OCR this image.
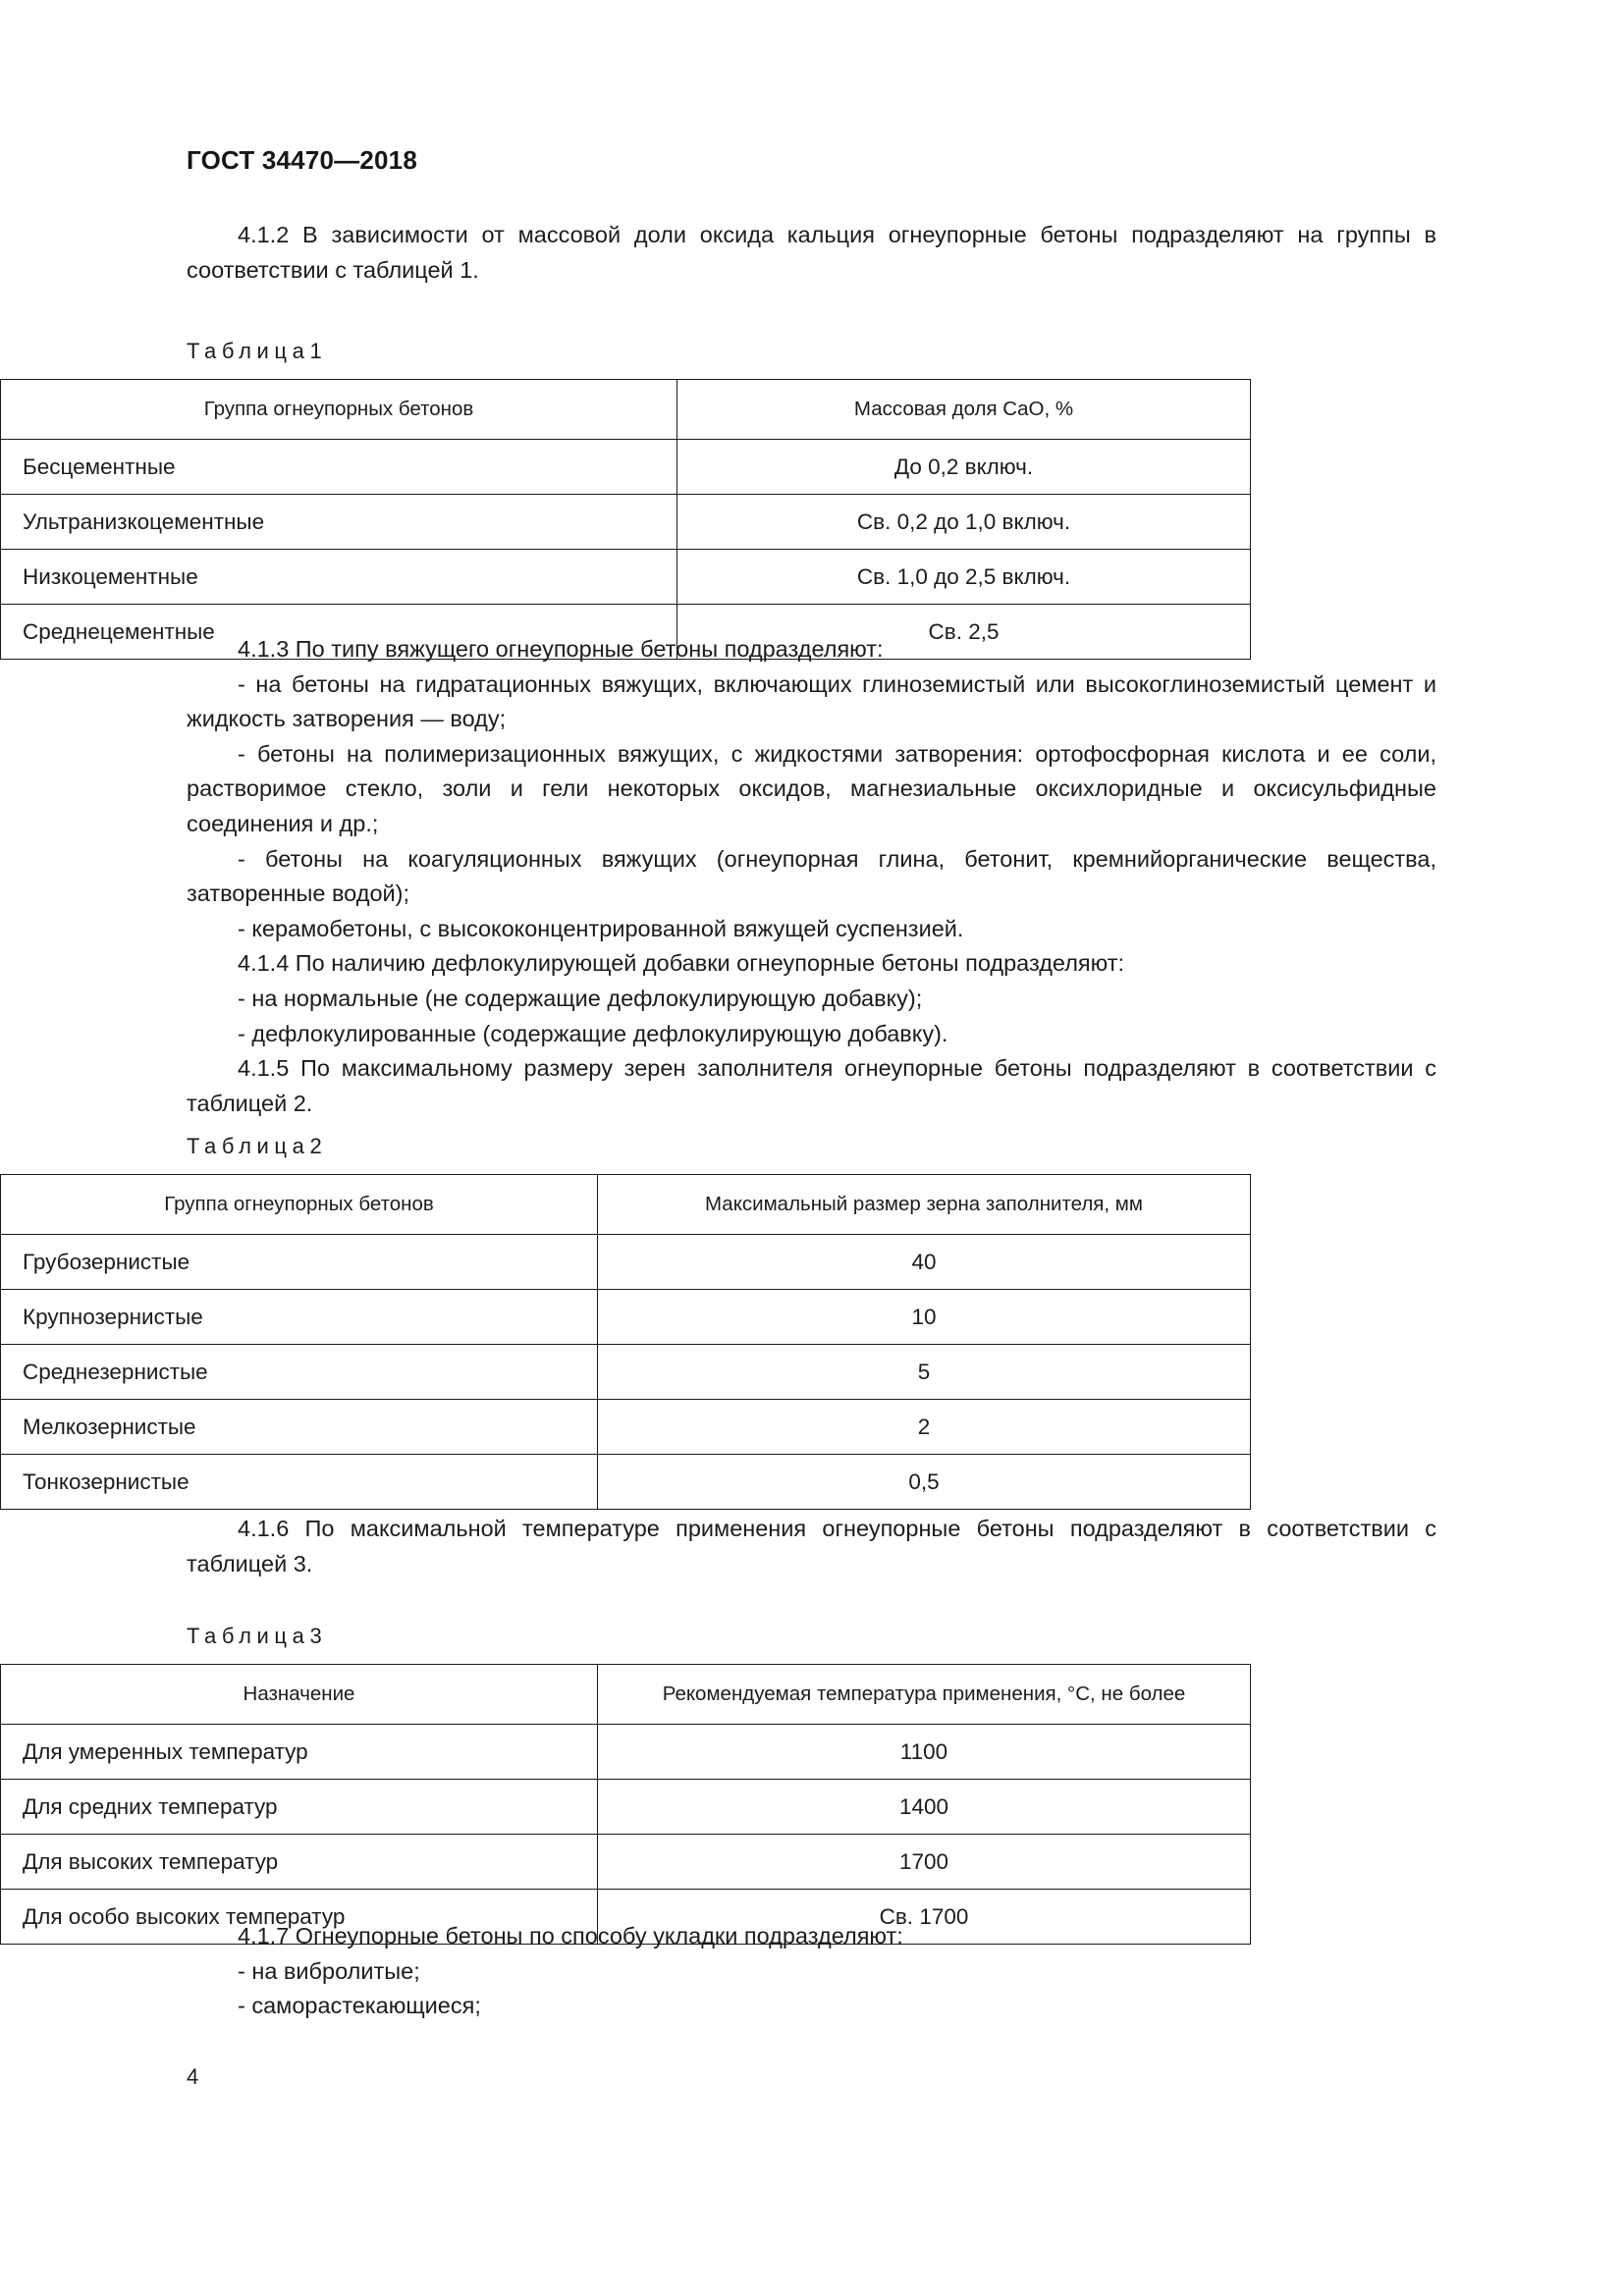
ГОСТ 34470—2018

4.1.2 В зависимости от массовой доли оксида кальция огнеупорные бетоны подразделяют на группы в соответствии с таблицей 1.

Таблица1
Группа огнеупорных бетонов	Массовая доля CaO, %
Бесцементные	До 0,2 включ.
Ультранизкоцементные	Св. 0,2 до 1,0 включ.
Низкоцементные	Св. 1,0 до 2,5 включ.
Среднецементные	Св. 2,5

4.1.3 По типу вяжущего огнеупорные бетоны подразделяют:

- на бетоны на гидратационных вяжущих, включающих глиноземистый или высокоглиноземистый цемент и жидкость затворения — воду;

- бетоны на полимеризационных вяжущих, с жидкостями затворения: ортофосфорная кислота и ее соли, растворимое стекло, золи и гели некоторых оксидов, магнезиальные оксихлоридные и оксисульфидные соединения и др.;

- бетоны на коагуляционных вяжущих (огнеупорная глина, бетонит, кремнийорганические вещества, затворенные водой);

- керамобетоны, с высококонцентрированной вяжущей суспензией.

4.1.4 По наличию дефлокулирующей добавки огнеупорные бетоны подразделяют:

- на нормальные (не содержащие дефлокулирующую добавку);

- дефлокулированные (содержащие дефлокулирующую добавку).

4.1.5 По максимальному размеру зерен заполнителя огнеупорные бетоны подразделяют в соответствии с таблицей 2.

Таблица2
Группа огнеупорных бетонов	Максимальный размер зерна заполнителя, мм
Грубозернистые	40
Крупнозернистые	10
Среднезернистые	5
Мелкозернистые	2
Тонкозернистые	0,5

4.1.6 По максимальной температуре применения огнеупорные бетоны подразделяют в соответствии с таблицей 3.

Таблица3
Назначение	Рекомендуемая температура применения, °С, не более
Для умеренных температур	1100
Для средних температур	1400
Для высоких температур	1700
Для особо высоких температур	Св. 1700

4.1.7 Огнеупорные бетоны по способу укладки подразделяют:

- на вибролитые;

- саморастекающиеся;

4
